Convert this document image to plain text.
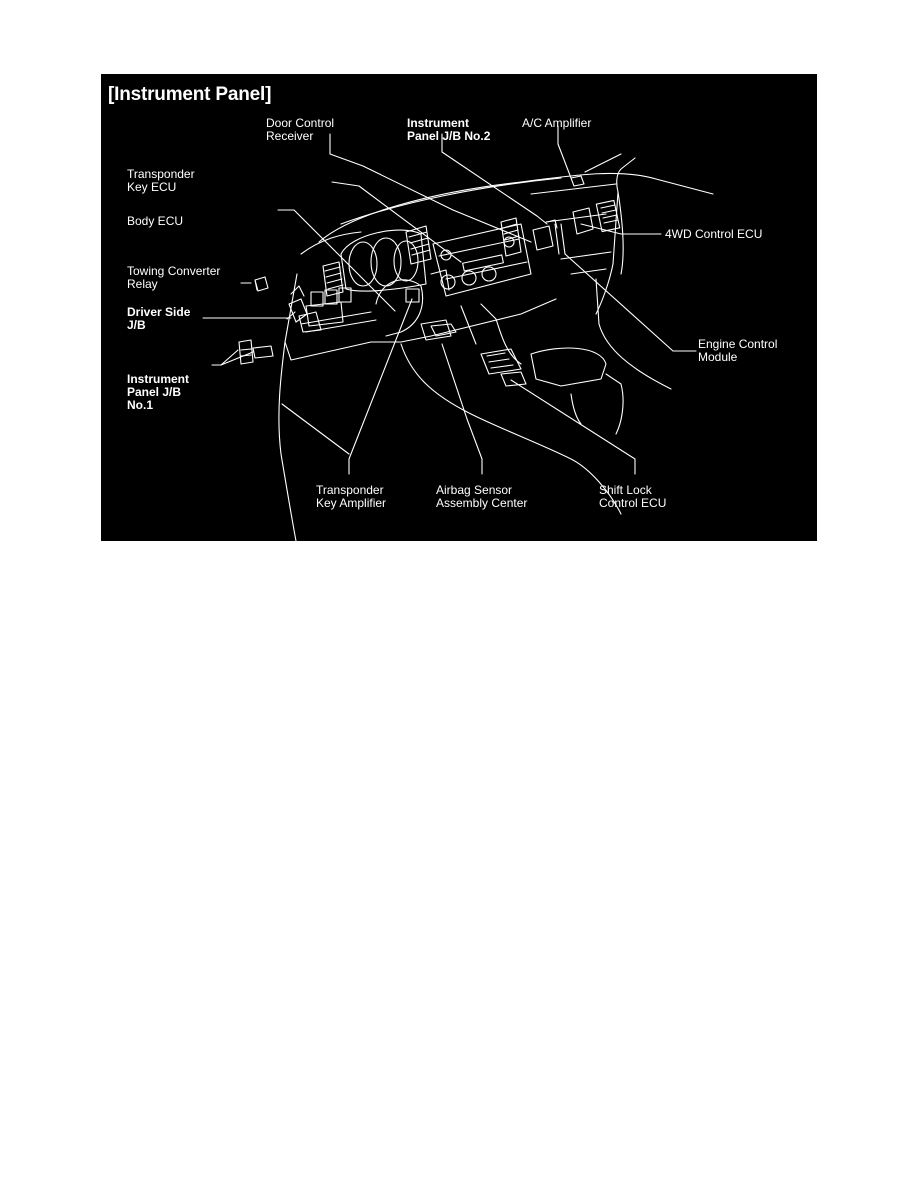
[Instrument Panel]
Door Control
Receiver
Instrument
Panel J/B No.2
A/C Amplifier
Transponder
Key ECU
Body ECU
4WD Control ECU
Towing Converter
Relay
Driver Side
J/B
Engine Control
Module
Instrument
Panel J/B
No.1
Transponder
Key Amplifier
Airbag Sensor
Assembly Center
Shift Lock
Control ECU
